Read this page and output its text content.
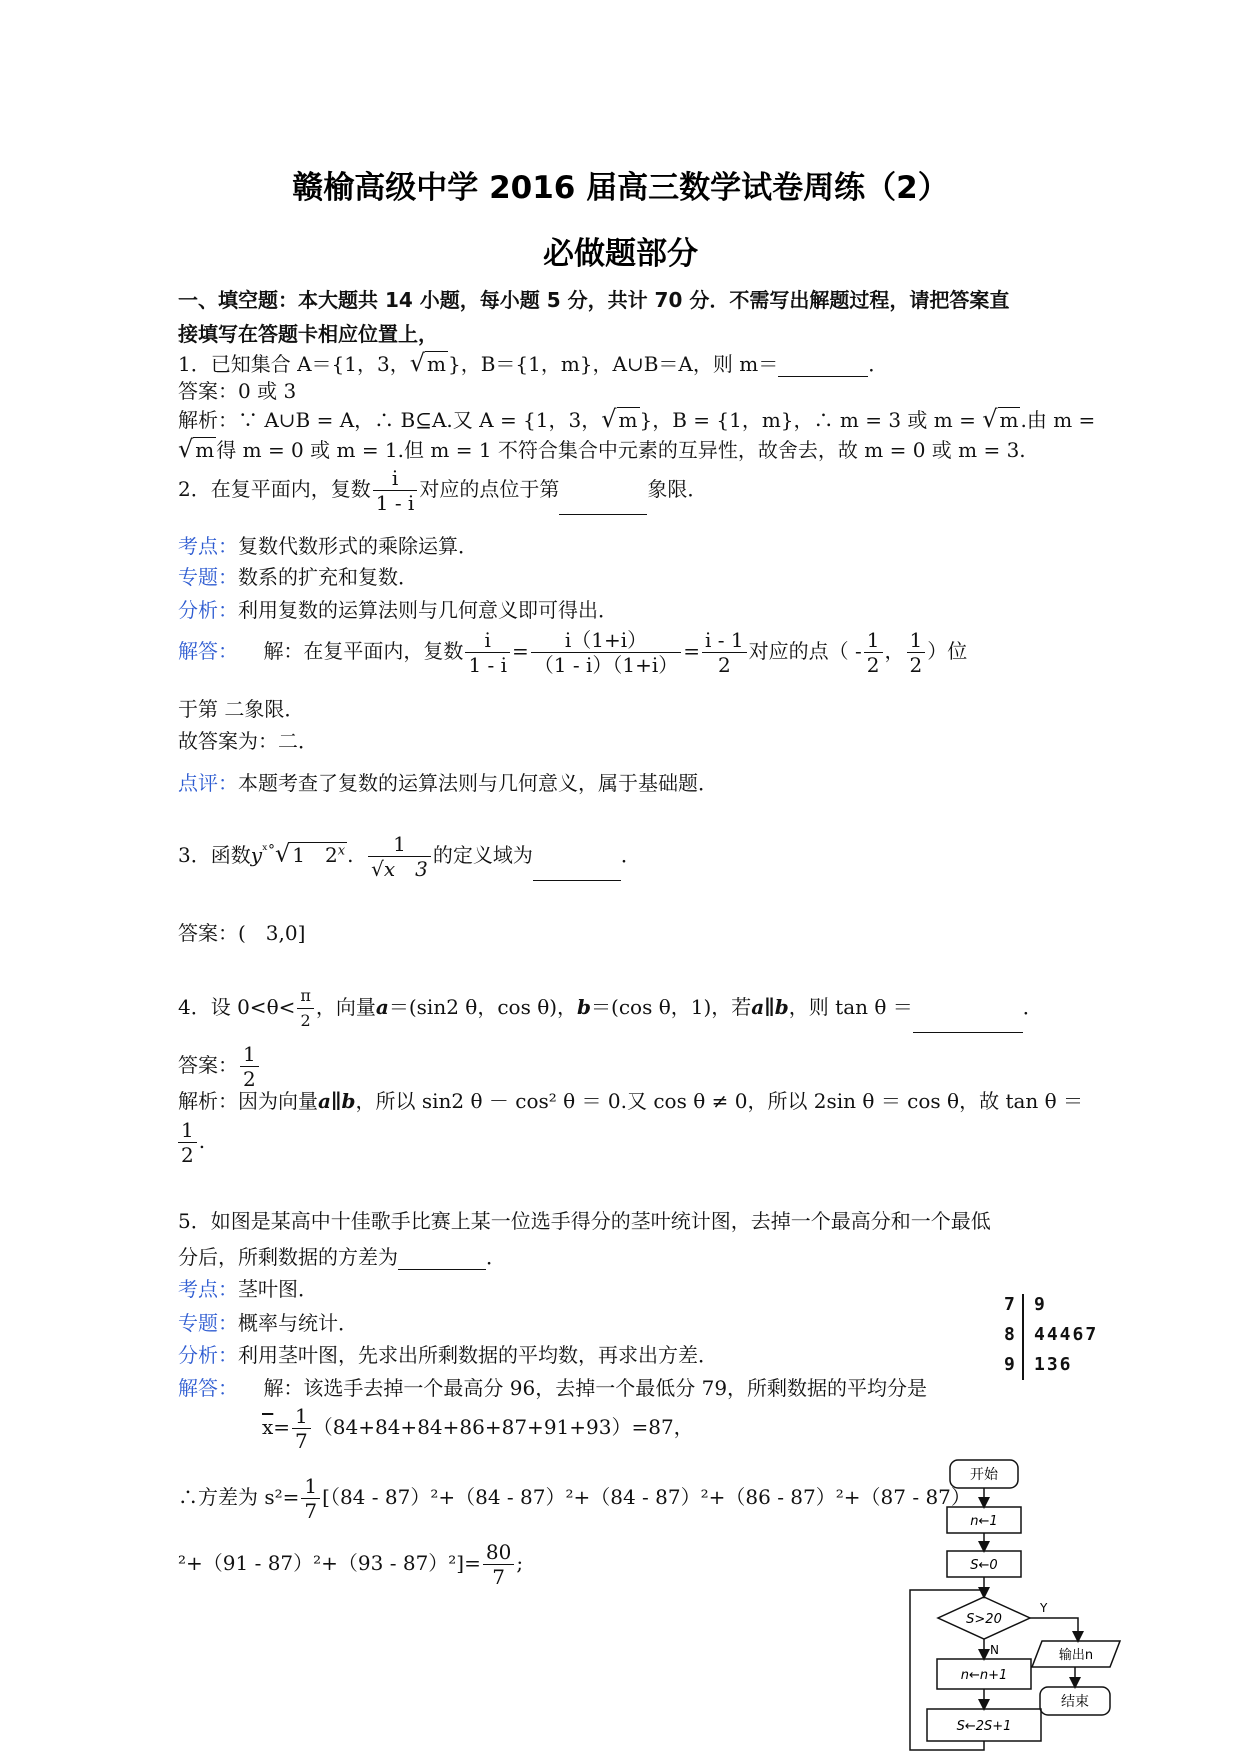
赣榆高级中学 2016 届高三数学试卷周练（2）
必做题部分
一、填空题：本大题共 14 小题，每小题 5 分，共计 70 分．不需写出解题过程，请把答案直
接填写在答题卡相应位置上，
1．已知集合 A＝{1，3，√ m }，B＝{1，m}，A∪B＝A，则 m＝	．
答案：0 或 3
解析：∵ A∪B = A，∴ B⊆A.又 A = {1，3，√ m }，B = {1，m}，∴ m = 3 或 m = √ m .由 m =
√ m 得 m = 0 或 m = 1.但 m = 1 不符合集合中元素的互异性，故舍去，故 m = 0 或 m = 3.
2．在复平面内，复数 $\frac{i}{1 - i}$ 对应的点位于第	象限．
考点：复数代数形式的乘除运算．
专题：数系的扩充和复数．
分析：利用复数的运算法则与几何意义即可得出．
解答： 解：在复平面内，复数 $\frac{i}{1 - i} = \frac{i(1+i)}{(1 - i)(1+i)} = \frac{i - 1}{2}$ 对应的点（ - $\frac{1}{2}$ ， $\frac{1}{2}$ ）位
于第 二象限．
故答案为：二．
点评：本题考查了复数的运算法则与几何意义，属于基础题．
3．函数$y^{ˣ^\circ}√$ 1　2$^x$ . $\frac{1}{√x 3}$ 的定义域为	．
答案：(　3,0]
4．设 $0<\theta< \frac{\pi}{2}$ ，向量a＝(sin2 θ，cos θ)，b＝(cos θ，1)，若a∥b，则 tan θ ＝	．
答案： $\frac{1}{2}$
解析：因为向量a∥b，所以 sin2 θ － cos² θ ＝ 0.又 cos θ ≠ 0，所以 2sin θ ＝ cos θ，故 tan θ ＝
$\frac{1}{2}$ .
5．如图是某高中十佳歌手比赛上某一位选手得分的茎叶统计图，去掉一个最高分和一个最低
分后，所剩数据的方差为	．
考点：茎叶图．
专题：概率与统计．
分析：利用茎叶图，先求出所剩数据的平均数，再求出方差．
解答： 解：该选手去掉一个最高分 96，去掉一个最低分 79，所剩数据的平均分是
$\overline{x}= \frac{1}{7} (84+84+84+86+87+91+93)=87$，
∴方差为 $s^2= \frac{1}{7} [(84 - 87)^2+(84 - 87)^2+(84 - 87)^2+(86 - 87)^2+(87 - 87)$
$^2+(91 - 87)^2+(93 - 87)^2]= \frac{80}{7}$ ;
7 9
8 44467
9 136
开始
n←1
S←0
S>20
Y
N	输出n
结束
n←n+1
S←2S+1
